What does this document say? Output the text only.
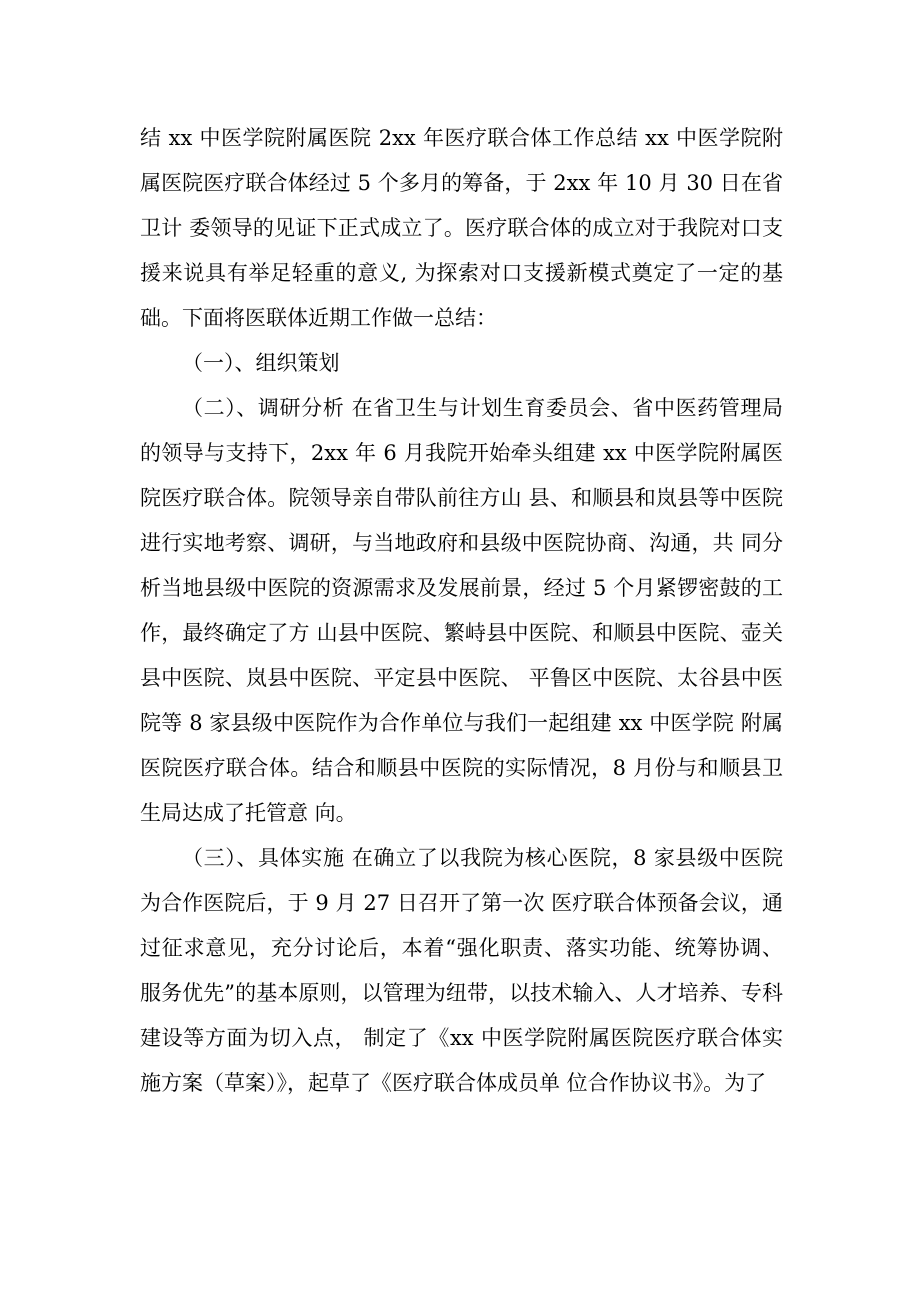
结 xx 中医学院附属医院 2xx 年医疗联合体工作总结 xx 中医学院附属医院医疗联合体经过 5 个多月的筹备，于 2xx 年 10 月 30 日在省卫计 委领导的见证下正式成立了。医疗联合体的成立对于我院对口支援来说具有举足轻重的意义, 为探索对口支援新模式奠定了一定的基础。下面将医联体近期工作做一总结：

（一）、组织策划

（二）、调研分析 在省卫生与计划生育委员会、省中医药管理局的领导与支持下，2xx 年 6 月我院开始牵头组建 xx 中医学院附属医院医疗联合体。院领导亲自带队前往方山 县、和顺县和岚县等中医院进行实地考察、调研，与当地政府和县级中医院协商、沟通，共 同分析当地县级中医院的资源需求及发展前景，经过 5 个月紧锣密鼓的工作，最终确定了方 山县中医院、繁峙县中医院、和顺县中医院、壶关县中医院、岚县中医院、平定县中医院、 平鲁区中医院、太谷县中医院等 8 家县级中医院作为合作单位与我们一起组建 xx 中医学院 附属医院医疗联合体。结合和顺县中医院的实际情况，8 月份与和顺县卫生局达成了托管意 向。

（三）、具体实施 在确立了以我院为核心医院，8 家县级中医院为合作医院后，于 9 月 27 日召开了第一次 医疗联合体预备会议，通过征求意见，充分讨论后，本着“强化职责、落实功能、统筹协调、 服务优先”的基本原则，以管理为纽带，以技术输入、人才培养、专科建设等方面为切入点， 制定了《xx 中医学院附属医院医疗联合体实施方案（草案）》，起草了《医疗联合体成员单 位合作协议书》。为了
